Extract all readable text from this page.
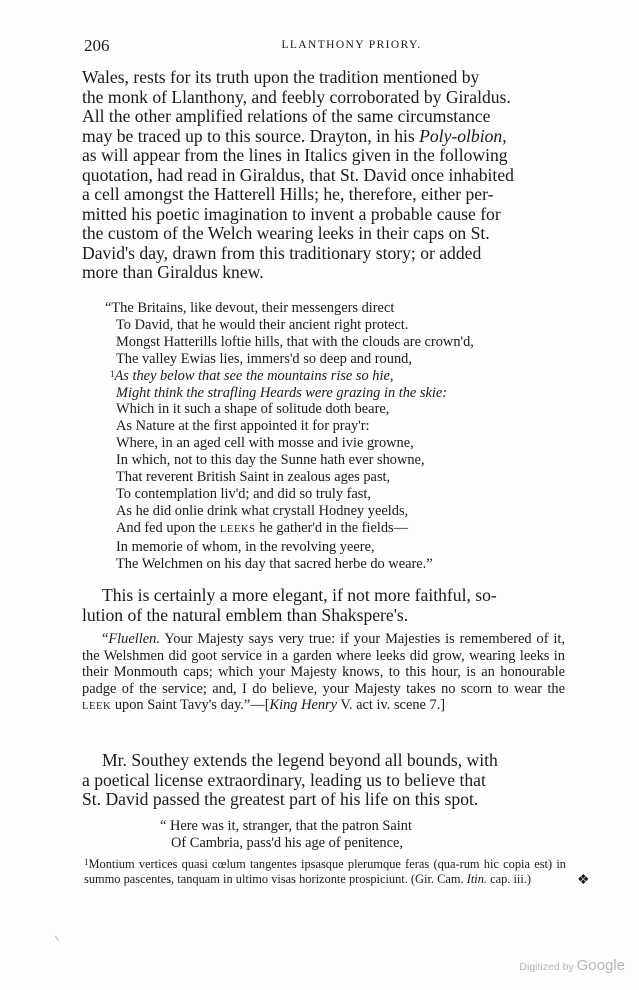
206	LLANTHONY PRIORY.
Wales, rests for its truth upon the tradition mentioned by
the monk of Llanthony, and feebly corroborated by Giraldus.
All the other amplified relations of the same circumstance
may be traced up to this source. Drayton, in his Poly-olbion,
as will appear from the lines in Italics given in the following
quotation, had read in Giraldus, that St. David once inhabited
a cell amongst the Hatterell Hills; he, therefore, either per-
mitted his poetic imagination to invent a probable cause for
the custom of the Welch wearing leeks in their caps on St.
David's day, drawn from this traditionary story; or added
more than Giraldus knew.
“The Britains, like devout, their messengers direct
To David, that he would their ancient right protect.
Mongst Hatterills loftie hills, that with the clouds are crown'd,
The valley Ewias lies, immers'd so deep and round,
$^1$As they below that see the mountains rise so hie,
Might think the strafling Heards were grazing in the skie:
Which in it such a shape of solitude doth beare,
As Nature at the first appointed it for pray'r:
Where, in an aged cell with mosse and ivie growne,
In which, not to this day the Sunne hath ever showne,
That reverent British Saint in zealous ages past,
To contemplation liv'd; and did so truly fast,
As he did onlie drink what crystall Hodney yeelds,
And fed upon the LEEKS he gather'd in the fields—
In memorie of whom, in the revolving yeere,
The Welchmen on his day that sacred herbe do weare.”
This is certainly a more elegant, if not more faithful, so-
lution of the natural emblem than Shakspere's.
“Fluellen. Your Majesty says very true: if your Majesties is remembered of it, the Welshmen did goot service in a garden where leeks did grow, wearing leeks in their Monmouth caps; which your Majesty knows, to this hour, is an honourable padge of the service; and, I do believe, your Majesty takes no scorn to wear the LEEK upon Saint Tavy's day.”—[King Henry V. act iv. scene 7.]
Mr. Southey extends the legend beyond all bounds, with
a poetical license extraordinary, leading us to believe that
St. David passed the greatest part of his life on this spot.
“ Here was it, stranger, that the patron Saint
Of Cambria, pass'd his age of penitence,
$^1$Montium vertices quasi cœlum tangentes ipsasque plerumque feras (qua-rum hic copia est) in summo pascentes, tanquam in ultimo visas horizonte prospiciunt. (Gir. Cam. Itin. cap. iii.)	❖
Digitized by Google
